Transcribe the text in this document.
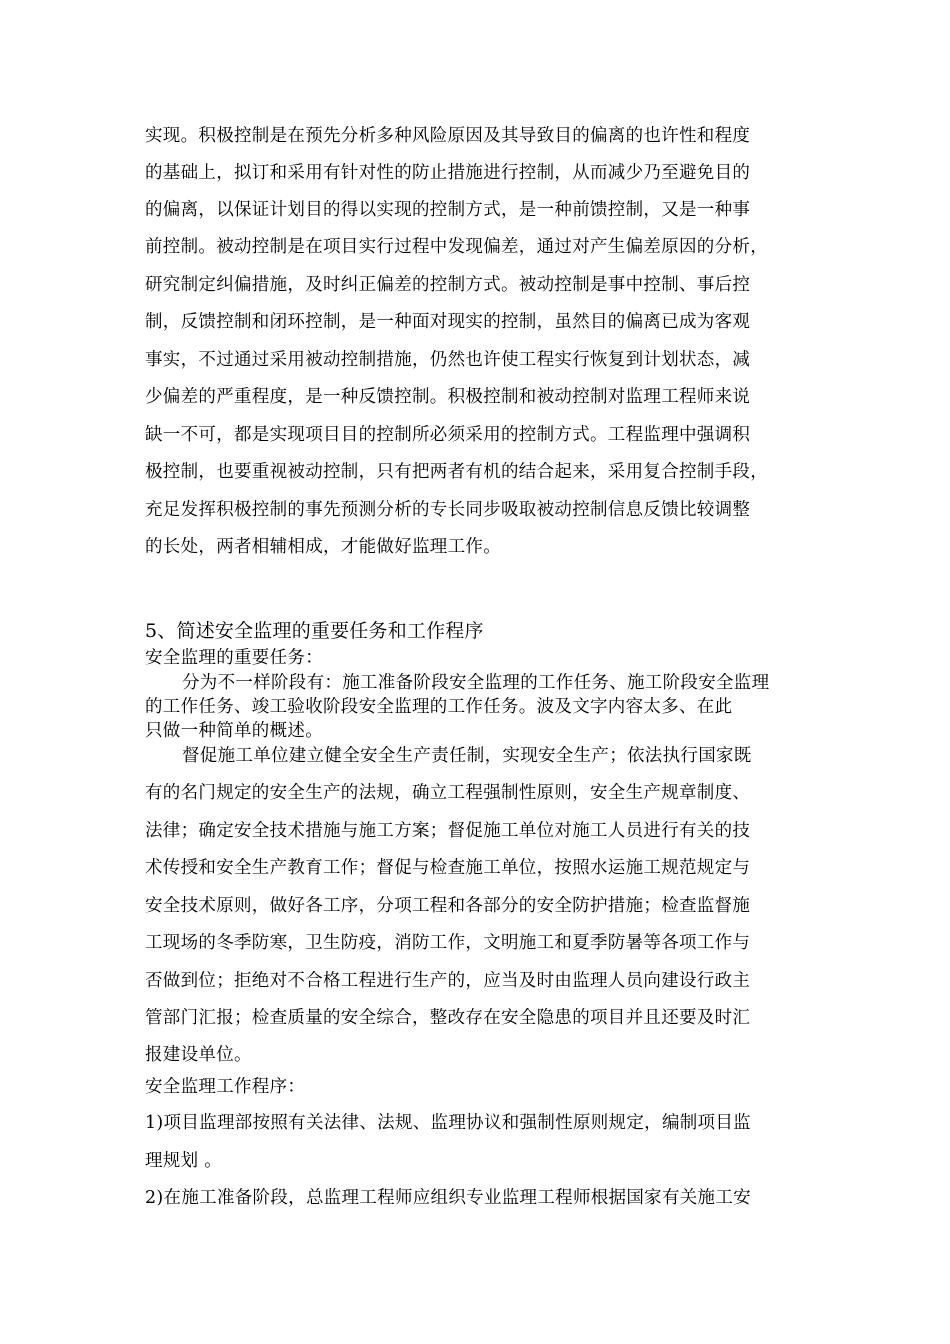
实现。积极控制是在预先分析多种风险原因及其导致目的偏离的也许性和程度
的基础上，拟订和采用有针对性的防止措施进行控制，从而减少乃至避免目的
的偏离，以保证计划目的得以实现的控制方式，是一种前馈控制，又是一种事
前控制。被动控制是在项目实行过程中发现偏差，通过对产生偏差原因的分析，
研究制定纠偏措施，及时纠正偏差的控制方式。被动控制是事中控制、事后控
制，反馈控制和闭环控制，是一种面对现实的控制，虽然目的偏离已成为客观
事实，不过通过采用被动控制措施，仍然也许使工程实行恢复到计划状态，减
少偏差的严重程度，是一种反馈控制。积极控制和被动控制对监理工程师来说
缺一不可，都是实现项目目的控制所必须采用的控制方式。工程监理中强调积
极控制，也要重视被动控制，只有把两者有机的结合起来，采用复合控制手段，
充足发挥积极控制的事先预测分析的专长同步吸取被动控制信息反馈比较调整
的长处，两者相辅相成，才能做好监理工作。
5、简述安全监理的重要任务和工作程序
安全监理的重要任务：
分为不一样阶段有：施工准备阶段安全监理的工作任务、施工阶段安全监理
的工作任务、竣工验收阶段安全监理的工作任务。波及文字内容太多、在此
只做一种简单的概述。
督促施工单位建立健全安全生产责任制，实现安全生产；依法执行国家既
有的名门规定的安全生产的法规，确立工程强制性原则，安全生产规章制度、
法律；确定安全技术措施与施工方案；督促施工单位对施工人员进行有关的技
术传授和安全生产教育工作；督促与检查施工单位，按照水运施工规范规定与
安全技术原则，做好各工序，分项工程和各部分的安全防护措施；检查监督施
工现场的冬季防寒，卫生防疫，消防工作，文明施工和夏季防暑等各项工作与
否做到位；拒绝对不合格工程进行生产的，应当及时由监理人员向建设行政主
管部门汇报；检查质量的安全综合，整改存在安全隐患的项目并且还要及时汇
报建设单位。
安全监理工作程序：
1)项目监理部按照有关法律、法规、监理协议和强制性原则规定，编制项目监
理规划 。
2)在施工准备阶段，总监理工程师应组织专业监理工程师根据国家有关施工安
